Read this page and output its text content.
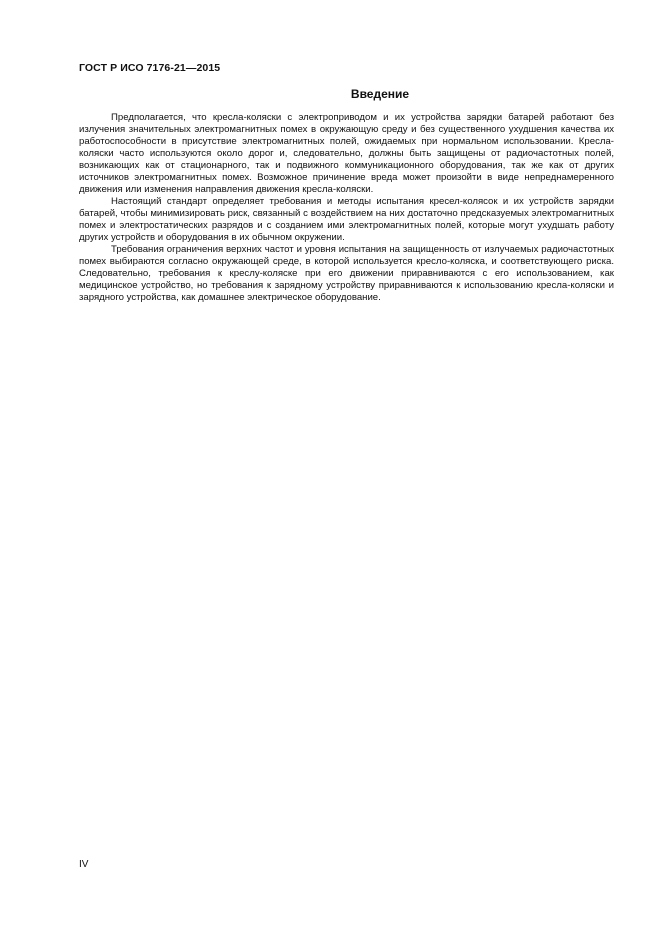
ГОСТ Р ИСО 7176-21—2015
Введение

Предполагается, что кресла-коляски с электроприводом и их устройства зарядки батарей работают без излучения значительных электромагнитных помех в окружающую среду и без существенного ухудшения качества их работоспособности в присутствие электромагнитных полей, ожидаемых при нормальном использовании. Кресла-коляски часто используются около дорог и, следовательно, должны быть защищены от радиочастотных полей, возникающих как от стационарного, так и подвижного коммуникационного оборудования, так же как от других источников электромагнитных помех. Возможное причинение вреда может произойти в виде непреднамеренного движения или изменения направления движения кресла-коляски.

Настоящий стандарт определяет требования и методы испытания кресел-колясок и их устройств зарядки батарей, чтобы минимизировать риск, связанный с воздействием на них достаточно предсказуемых электромагнитных помех и электростатических разрядов и с созданием ими электромагнитных полей, которые могут ухудшать работу других устройств и оборудования в их обычном окружении.

Требования ограничения верхних частот и уровня испытания на защищенность от излучаемых радиочастотных помех выбираются согласно окружающей среде, в которой используется кресло-коляска, и соответствующего риска. Следовательно, требования к креслу-коляске при его движении приравниваются с его использованием, как медицинское устройство, но требования к зарядному устройству приравниваются к использованию кресла-коляски и зарядного устройства, как домашнее электрическое оборудование.

IV
